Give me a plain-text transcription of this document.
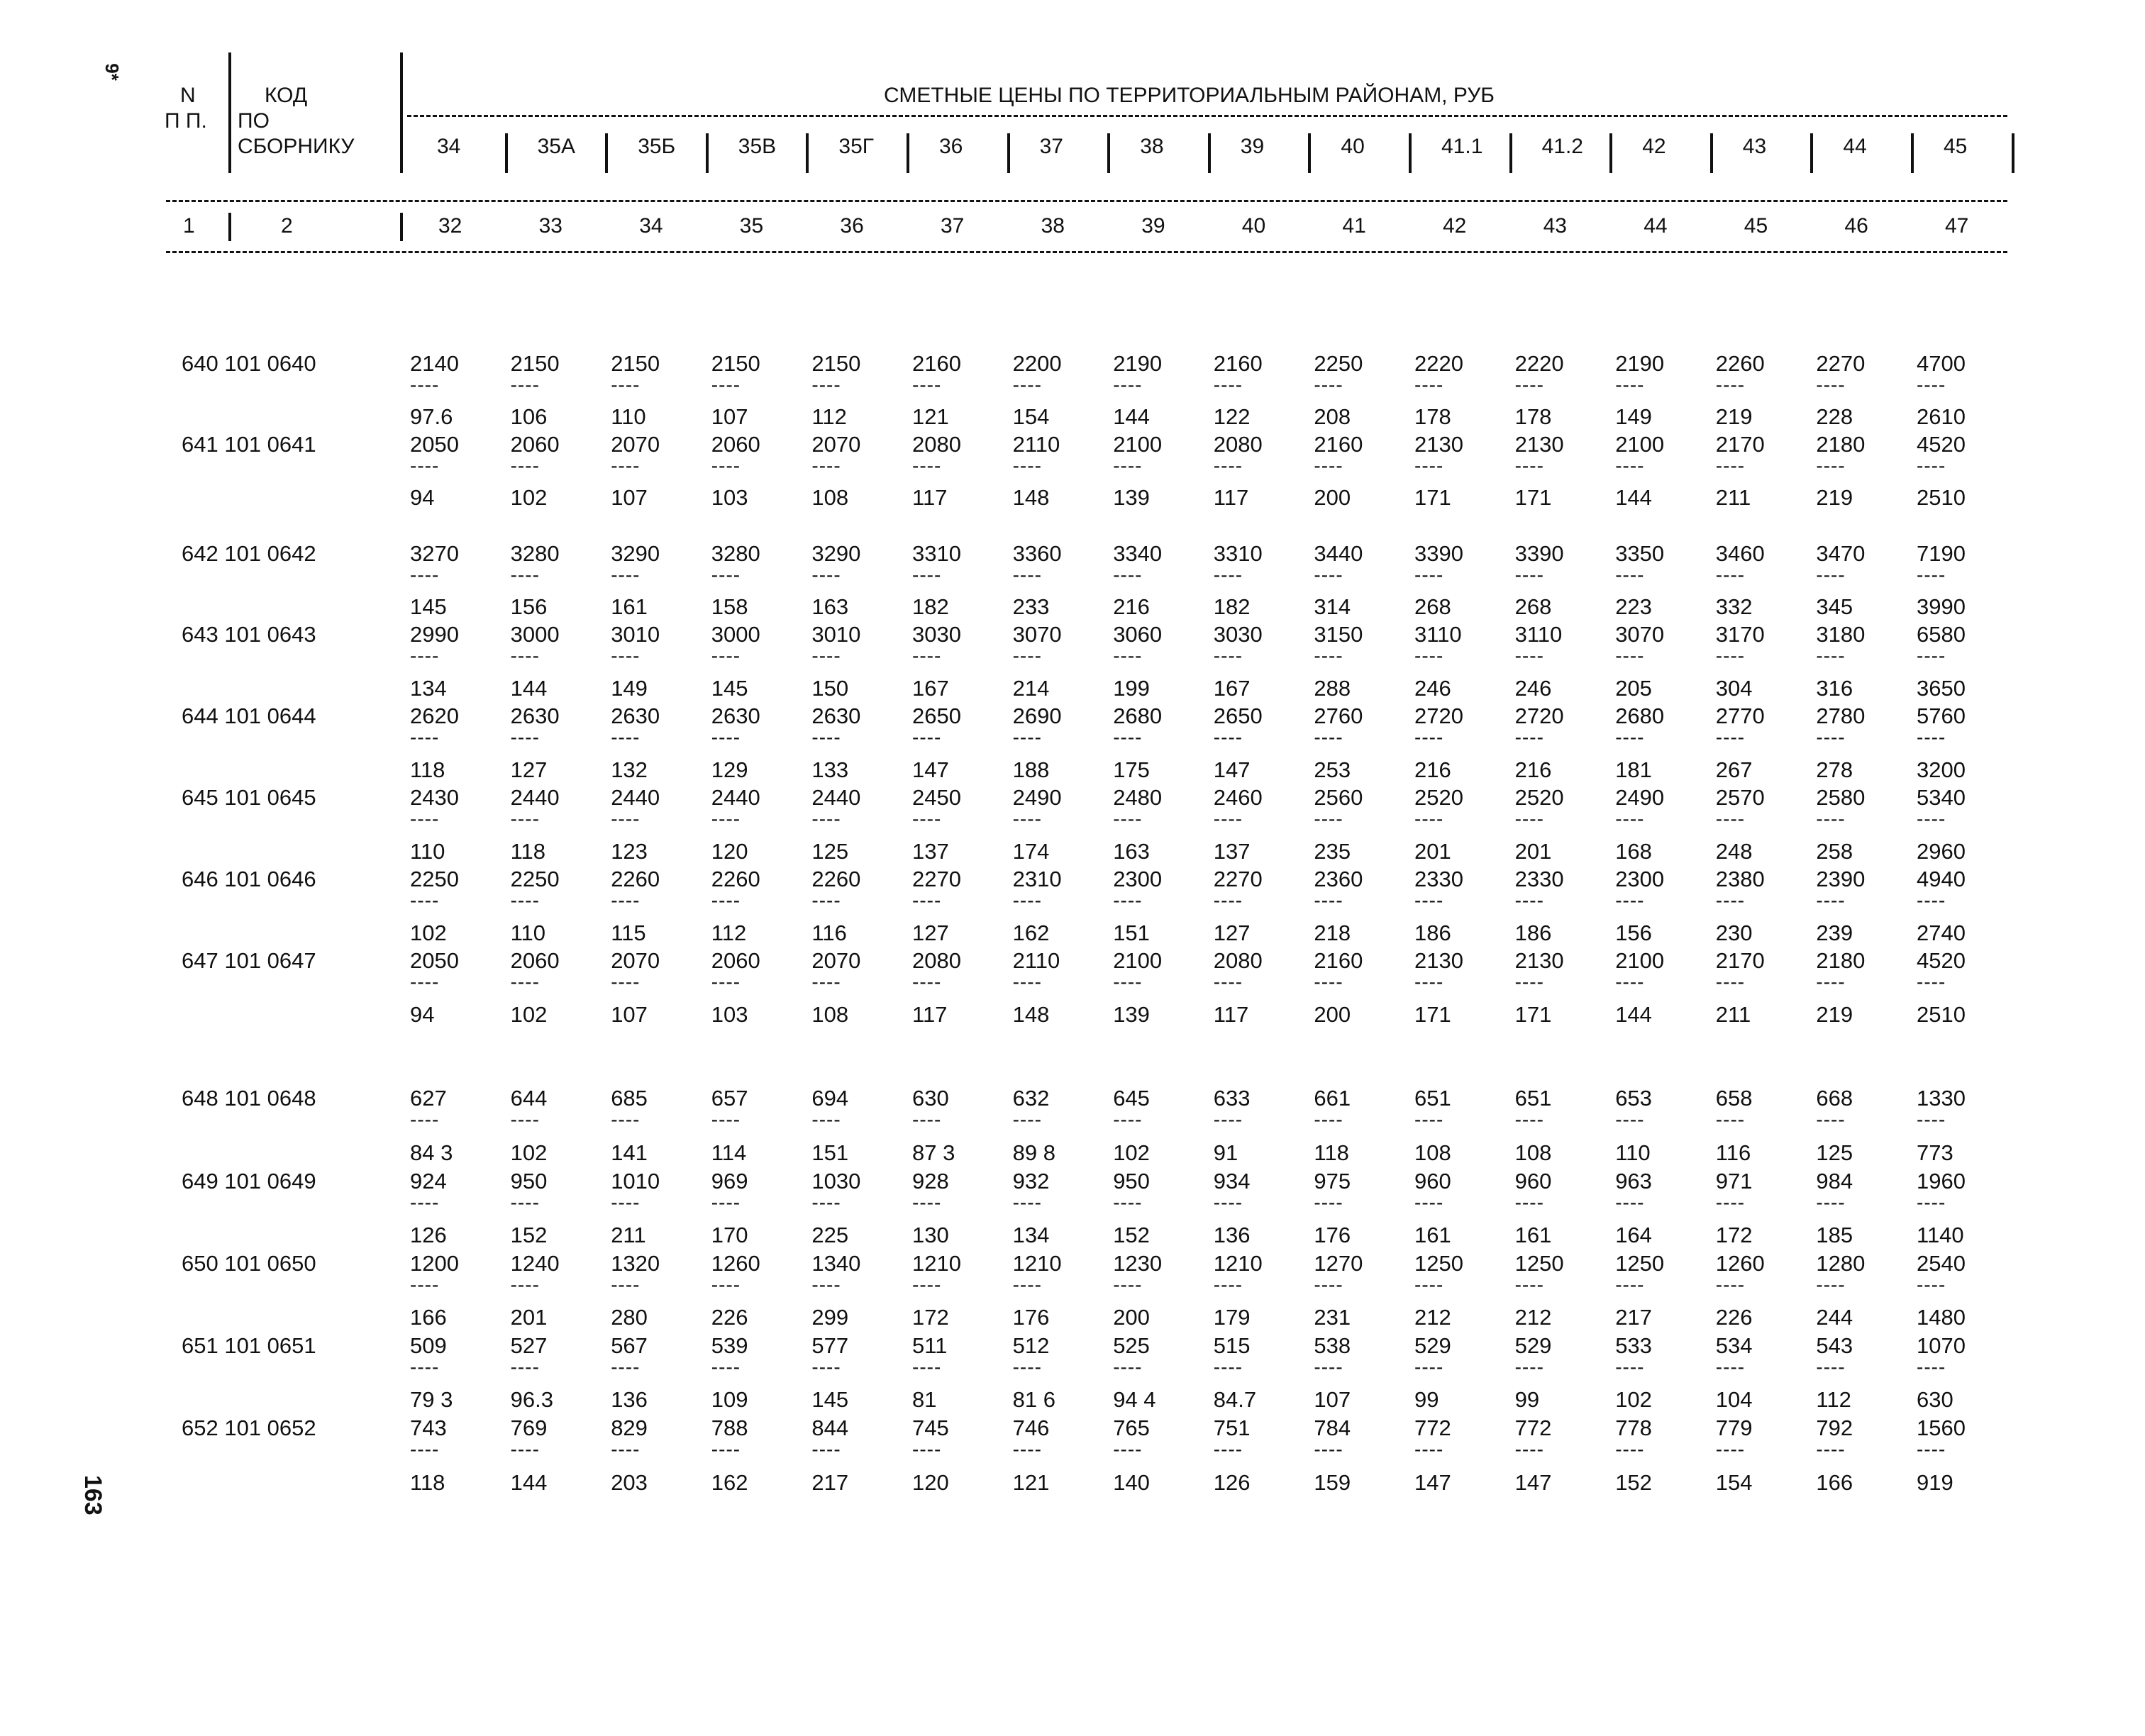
9*
163
N
П П.
КОД
ПО
СБОРНИКУ
СМЕТНЫЕ ЦЕНЫ ПО ТЕРРИТОРИАЛЬНЫМ РАЙОНАМ, РУБ
34	35А	35Б	35В	35Г	36	37	38	39	40	41.1	41.2	42	43	44	45
1	2	32	33	34	35	36	37	38	39	40	41	42	43	44	45	46	47
640 101 0640	2140	2150	2150	2150	2150	2160	2200	2190	2160	2250	2220	2220	2190	2260	2270	4700
----	----	----	----	----	----	----	----	----	----	----	----	----	----	----	----
97.6	106	110	107	112	121	154	144	122	208	178	178	149	219	228	2610
641 101 0641	2050	2060	2070	2060	2070	2080	2110	2100	2080	2160	2130	2130	2100	2170	2180	4520
----	----	----	----	----	----	----	----	----	----	----	----	----	----	----	----
94	102	107	103	108	117	148	139	117	200	171	171	144	211	219	2510
642 101 0642	3270	3280	3290	3280	3290	3310	3360	3340	3310	3440	3390	3390	3350	3460	3470	7190
----	----	----	----	----	----	----	----	----	----	----	----	----	----	----	----
145	156	161	158	163	182	233	216	182	314	268	268	223	332	345	3990
643 101 0643	2990	3000	3010	3000	3010	3030	3070	3060	3030	3150	3110	3110	3070	3170	3180	6580
----	----	----	----	----	----	----	----	----	----	----	----	----	----	----	----
134	144	149	145	150	167	214	199	167	288	246	246	205	304	316	3650
644 101 0644	2620	2630	2630	2630	2630	2650	2690	2680	2650	2760	2720	2720	2680	2770	2780	5760
----	----	----	----	----	----	----	----	----	----	----	----	----	----	----	----
118	127	132	129	133	147	188	175	147	253	216	216	181	267	278	3200
645 101 0645	2430	2440	2440	2440	2440	2450	2490	2480	2460	2560	2520	2520	2490	2570	2580	5340
----	----	----	----	----	----	----	----	----	----	----	----	----	----	----	----
110	118	123	120	125	137	174	163	137	235	201	201	168	248	258	2960
646 101 0646	2250	2250	2260	2260	2260	2270	2310	2300	2270	2360	2330	2330	2300	2380	2390	4940
----	----	----	----	----	----	----	----	----	----	----	----	----	----	----	----
102	110	115	112	116	127	162	151	127	218	186	186	156	230	239	2740
647 101 0647	2050	2060	2070	2060	2070	2080	2110	2100	2080	2160	2130	2130	2100	2170	2180	4520
----	----	----	----	----	----	----	----	----	----	----	----	----	----	----	----
94	102	107	103	108	117	148	139	117	200	171	171	144	211	219	2510
648 101 0648	627	644	685	657	694	630	632	645	633	661	651	651	653	658	668	1330
----	----	----	----	----	----	----	----	----	----	----	----	----	----	----	----
84 3	102	141	114	151	87 3	89 8	102	91	118	108	108	110	116	125	773
649 101 0649	924	950	1010	969	1030	928	932	950	934	975	960	960	963	971	984	1960
----	----	----	----	----	----	----	----	----	----	----	----	----	----	----	----
126	152	211	170	225	130	134	152	136	176	161	161	164	172	185	1140
650 101 0650	1200	1240	1320	1260	1340	1210	1210	1230	1210	1270	1250	1250	1250	1260	1280	2540
----	----	----	----	----	----	----	----	----	----	----	----	----	----	----	----
166	201	280	226	299	172	176	200	179	231	212	212	217	226	244	1480
651 101 0651	509	527	567	539	577	511	512	525	515	538	529	529	533	534	543	1070
----	----	----	----	----	----	----	----	----	----	----	----	----	----	----	----
79 3	96.3	136	109	145	81	81 6	94 4	84.7	107	99	99	102	104	112	630
652 101 0652	743	769	829	788	844	745	746	765	751	784	772	772	778	779	792	1560
----	----	----	----	----	----	----	----	----	----	----	----	----	----	----	----
118	144	203	162	217	120	121	140	126	159	147	147	152	154	166	919
